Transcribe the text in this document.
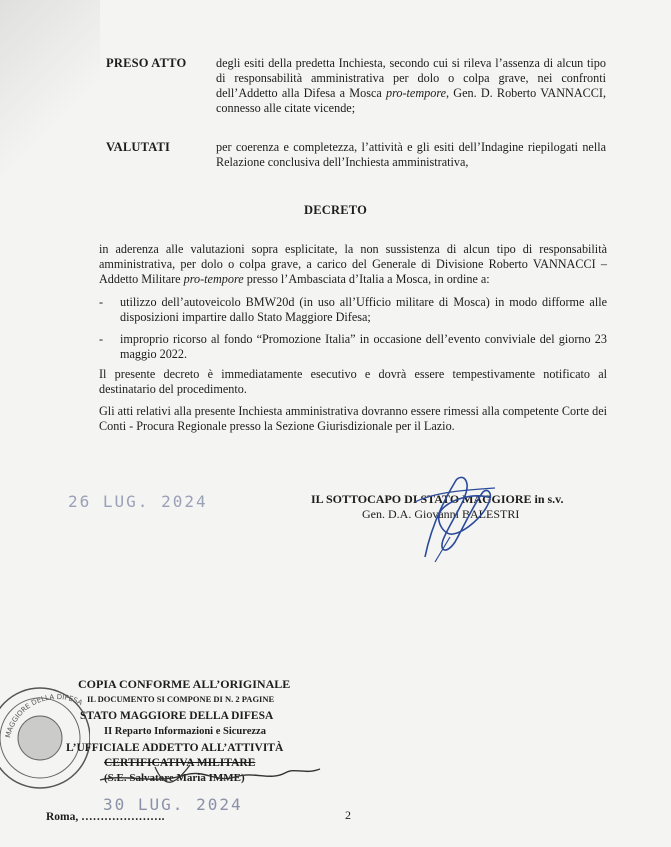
PRESO ATTO degli esiti della predetta Inchiesta, secondo cui si rileva l’assenza di alcun tipo di responsabilità amministrativa per dolo o colpa grave, nei confronti dell’Addetto alla Difesa a Mosca pro-tempore, Gen. D. Roberto VANNACCI, connesso alle citate vicende;
VALUTATI	per coerenza e completezza, l’attività e gli esiti dell’Indagine riepilogati nella Relazione conclusiva dell’Inchiesta amministrativa,
DECRETO
in aderenza alle valutazioni sopra esplicitate, la non sussistenza di alcun tipo di responsabilità amministrativa, per dolo o colpa grave, a carico del Generale di Divisione Roberto VANNACCI – Addetto Militare pro-tempore presso l’Ambasciata d’Italia a Mosca, in ordine a:
- utilizzo dell’autoveicolo BMW20d (in uso all’Ufficio militare di Mosca) in modo difforme alle disposizioni impartire dallo Stato Maggiore Difesa;
- improprio ricorso al fondo “Promozione Italia” in occasione dell’evento conviviale del giorno 23 maggio 2022.
Il presente decreto è immediatamente esecutivo e dovrà essere tempestivamente notificato al destinatario del procedimento.
Gli atti relativi alla presente Inchiesta amministrativa dovranno essere rimessi alla competente Corte dei Conti - Procura Regionale presso la Sezione Giurisdizionale per il Lazio.
26 LUG. 2024	IL SOTTOCAPO DI STATO MAGGIORE in s.v.
Gen. D.A. Giovanni BALESTRI
MAGGIORE DELLA DIFESA
COPIA CONFORME ALL’ORIGINALE
IL DOCUMENTO SI COMPONE DI N. 2 PAGINE
STATO MAGGIORE DELLA DIFESA
II Reparto Informazioni e Sicurezza
L’UFFICIALE ADDETTO ALL’ATTIVITÀ
CERTIFICATIVA MILITARE
(S.E. Salvatore Maria IMME)
30 LUG. 2024
Roma, ………………….	2
